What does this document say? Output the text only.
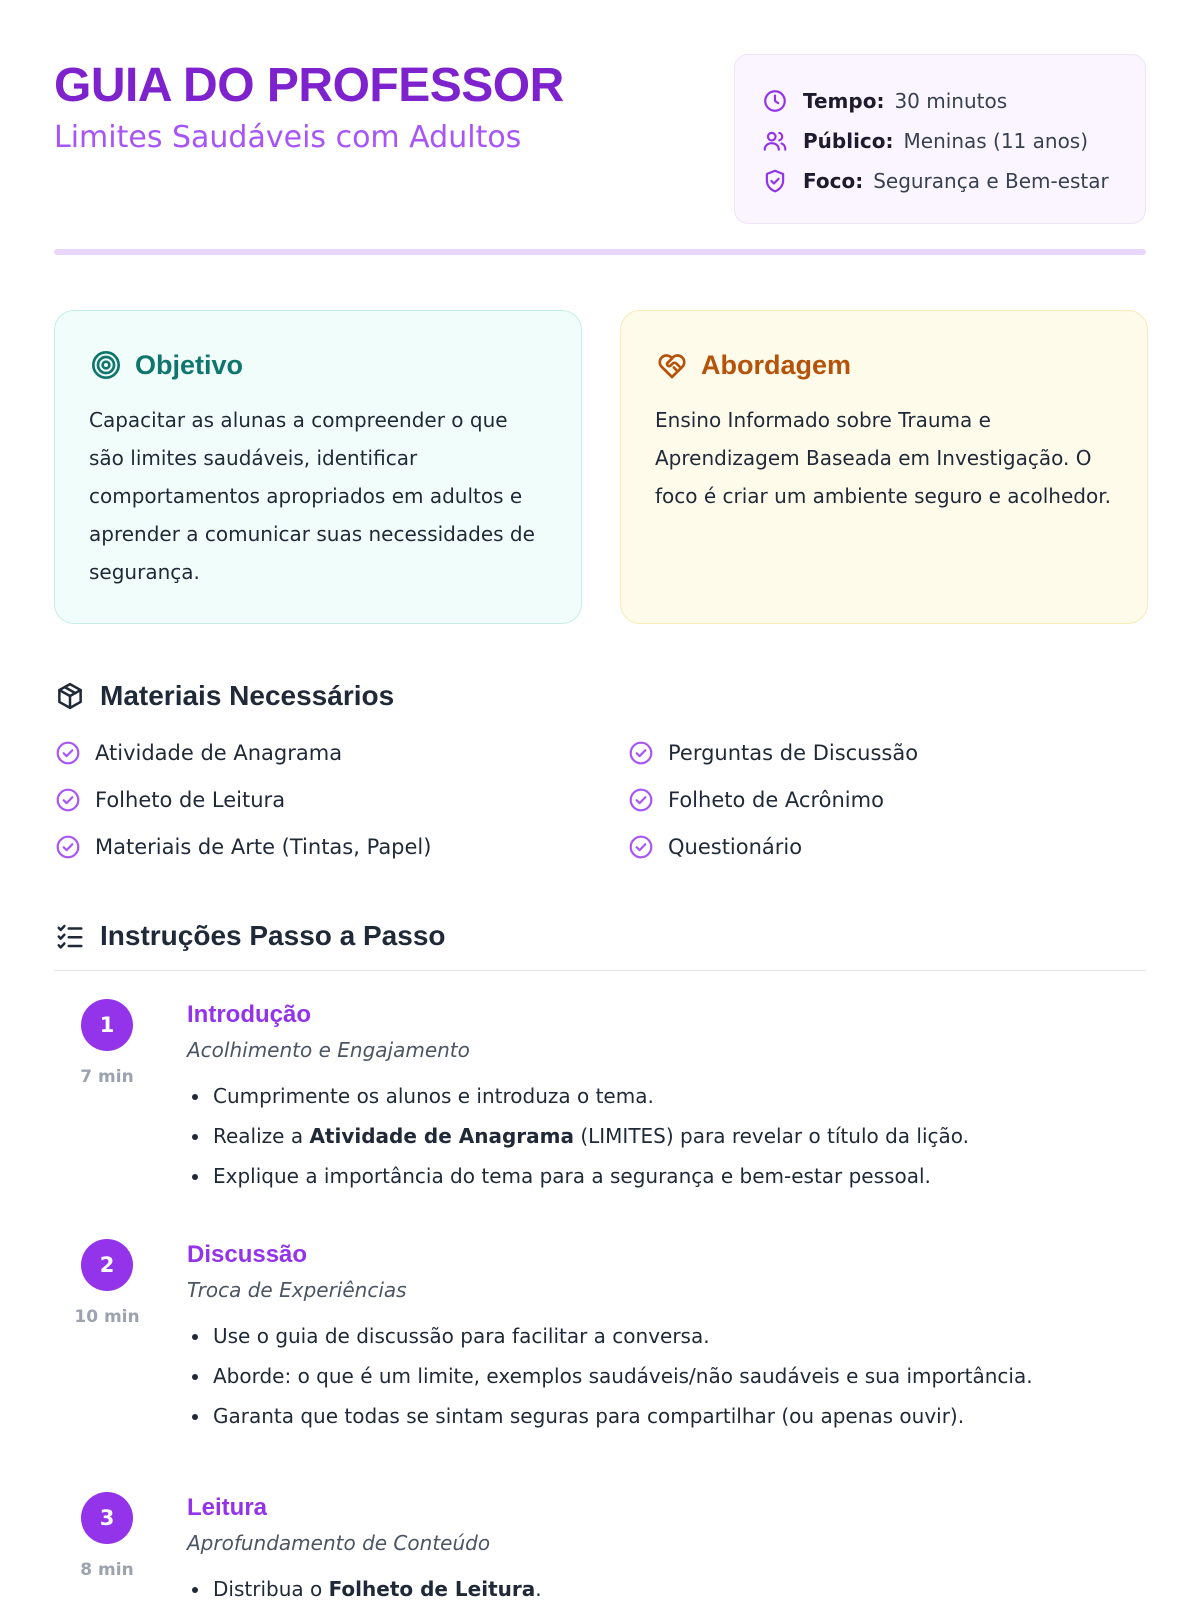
GUIA DO PROFESSOR
Limites Saudáveis com Adultos
Tempo: 30 minutos
Público: Meninas (11 anos)
Foco: Segurança e Bem-estar
Objetivo

Capacitar as alunas a compreender o que são limites saudáveis, identificar comportamentos apropriados em adultos e aprender a comunicar suas necessidades de segurança.

Abordagem

Ensino Informado sobre Trauma e Aprendizagem Baseada em Investigação. O foco é criar um ambiente seguro e acolhedor.

Materiais Necessários
Atividade de Anagrama
Folheto de Leitura
Materiais de Arte (Tintas, Papel)
Perguntas de Discussão
Folheto de Acrônimo
Questionário
Instruções Passo a Passo
1
7 min
Introdução
Acolhimento e Engajamento
Cumprimente os alunos e introduza o tema.
Realize a Atividade de Anagrama (LIMITES) para revelar o título da lição.
Explique a importância do tema para a segurança e bem-estar pessoal.
2
10 min
Discussão
Troca de Experiências
Use o guia de discussão para facilitar a conversa.
Aborde: o que é um limite, exemplos saudáveis/não saudáveis e sua importância.
Garanta que todas se sintam seguras para compartilhar (ou apenas ouvir).
3
8 min
Leitura
Aprofundamento de Conteúdo
Distribua o Folheto de Leitura.
